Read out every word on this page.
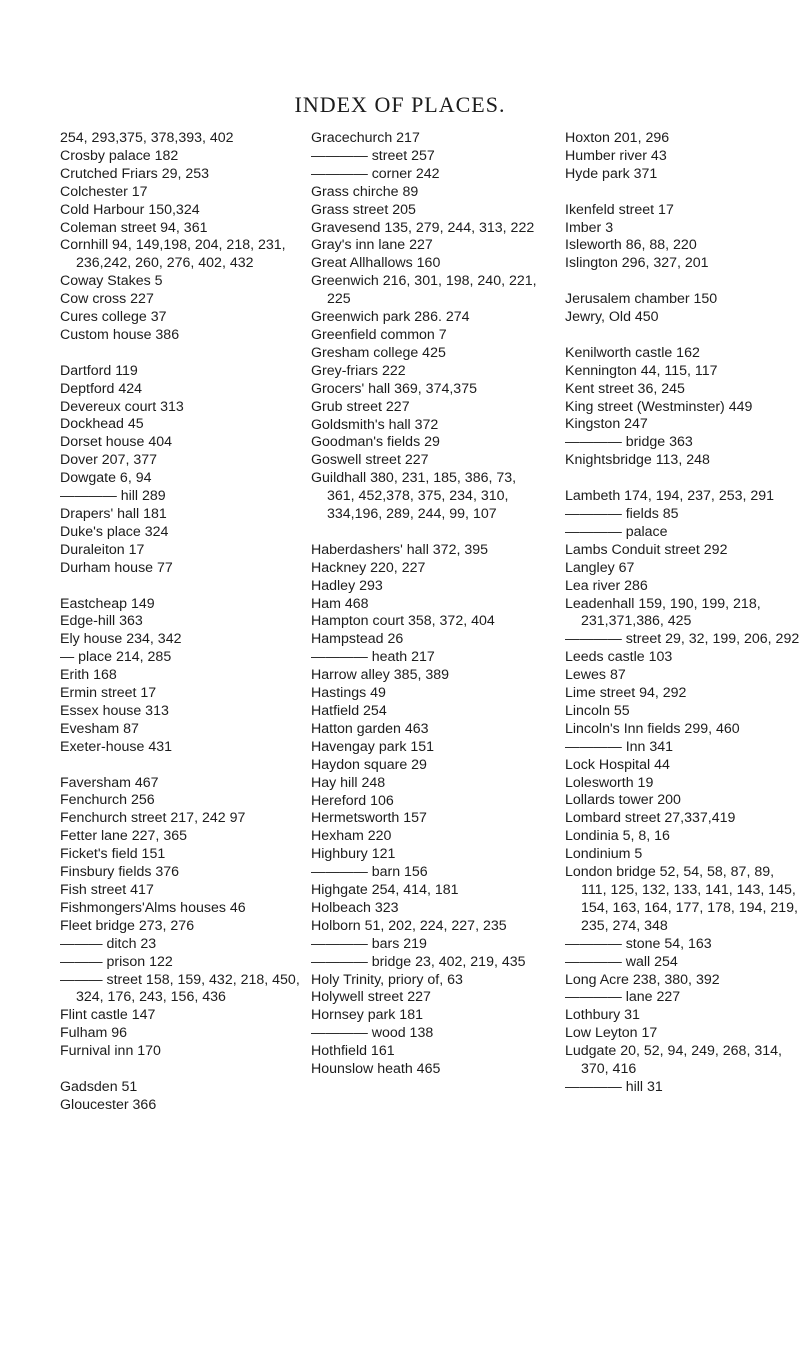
INDEX OF PLACES.
254, 293,375, 378,393, 402
Crosby palace 182
Crutched Friars 29, 253
Colchester 17
Cold Harbour 150,324
Coleman street 94, 361
Cornhill 94, 149,198, 204, 218, 231, 236,242, 260, 276, 402, 432
Coway Stakes 5
Cow cross 227
Cures college 37
Custom house 386
Dartford 119
Deptford 424
Devereux court 313
Dockhead 45
Dorset house 404
Dover 207, 377
Dowgate 6, 94
———— hill 289
Drapers' hall 181
Duke's place 324
Duraleiton 17
Durham house 77
Eastcheap 149
Edge-hill 363
Ely house 234, 342
— place 214, 285
Erith 168
Ermin street 17
Essex house 313
Evesham 87
Exeter-house 431
Faversham 467
Fenchurch 256
Fenchurch street 217, 242 97
Fetter lane 227, 365
Ficket's field 151
Finsbury fields 376
Fish street 417
Fishmongers'Alms houses 46
Fleet bridge 273, 276
——— ditch 23
——— prison 122
——— street 158, 159, 432, 218, 450, 324, 176, 243, 156, 436
Flint castle 147
Fulham 96
Furnival inn 170
Gadsden 51
Gloucester 366
Gracechurch 217
———— street 257
———— corner 242
Grass chirche 89
Grass street 205
Gravesend 135, 279, 244, 313, 222
Gray's inn lane 227
Great Allhallows 160
Greenwich 216, 301, 198, 240, 221, 225
Greenwich park 286. 274
Greenfield common 7
Gresham college 425
Grey-friars 222
Grocers' hall 369, 374,375
Grub street 227
Goldsmith's hall 372
Goodman's fields 29
Goswell street 227
Guildhall 380, 231, 185, 386, 73, 361, 452,378, 375, 234, 310, 334,196, 289, 244, 99, 107
Haberdashers' hall 372, 395
Hackney 220, 227
Hadley 293
Ham 468
Hampton court 358, 372, 404
Hampstead 26
———— heath 217
Harrow alley 385, 389
Hastings 49
Hatfield 254
Hatton garden 463
Havengay park 151
Haydon square 29
Hay hill 248
Hereford 106
Hermetsworth 157
Hexham 220
Highbury 121
———— barn 156
Highgate 254, 414, 181
Holbeach 323
Holborn 51, 202, 224, 227, 235
———— bars 219
———— bridge 23, 402, 219, 435
Holy Trinity, priory of, 63
Holywell street 227
Hornsey park 181
———— wood 138
Hothfield 161
Hounslow heath 465
Hoxton 201, 296
Humber river 43
Hyde park 371
Ikenfeld street 17
Imber 3
Isleworth 86, 88, 220
Islington 296, 327, 201
Jerusalem chamber 150
Jewry, Old 450
Kenilworth castle 162
Kennington 44, 115, 117
Kent street 36, 245
King street (Westminster) 449
Kingston 247
———— bridge 363
Knightsbridge 113, 248
Lambeth 174, 194, 237, 253, 291
———— fields 85
———— palace
Lambs Conduit street 292
Langley 67
Lea river 286
Leadenhall 159, 190, 199, 218, 231,371,386, 425
———— street 29, 32, 199, 206, 292
Leeds castle 103
Lewes 87
Lime street 94, 292
Lincoln 55
Lincoln's Inn fields 299, 460
———— Inn 341
Lock Hospital 44
Lolesworth 19
Lollards tower 200
Lombard street 27,337,419
Londinia 5, 8, 16
Londinium 5
London bridge 52, 54, 58, 87, 89, 111, 125, 132, 133, 141, 143, 145, 154, 163, 164, 177, 178, 194, 219, 235, 274, 348
———— stone 54, 163
———— wall 254
Long Acre 238, 380, 392
———— lane 227
Lothbury 31
Low Leyton 17
Ludgate 20, 52, 94, 249, 268, 314, 370, 416
———— hill 31
